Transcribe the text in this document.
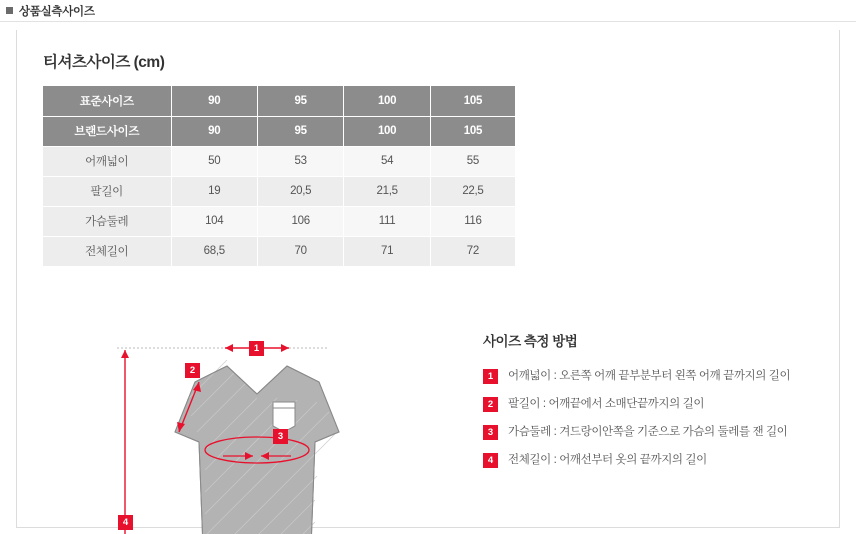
상품실측사이즈
티셔츠사이즈 (cm)
표준사이즈	90	95	100	105
브랜드사이즈	90	95	100	105
어깨넓이	50	53	54	55
팔길이	19	20,5	21,5	22,5
가슴둘레	104	106	111	116
전체길이	68,5	70	71	72
1
2
3
4
사이즈 측정 방법
1	어깨넓이 : 오른쪽 어깨 끝부분부터 왼쪽 어깨 끝까지의 길이
2	팔길이 : 어깨끝에서 소매단끝까지의 길이
3	가슴둘레 : 겨드랑이안쪽을 기준으로 가슴의 둘레를 잰 길이
4	전체길이 : 어깨선부터 옷의 끝까지의 길이
